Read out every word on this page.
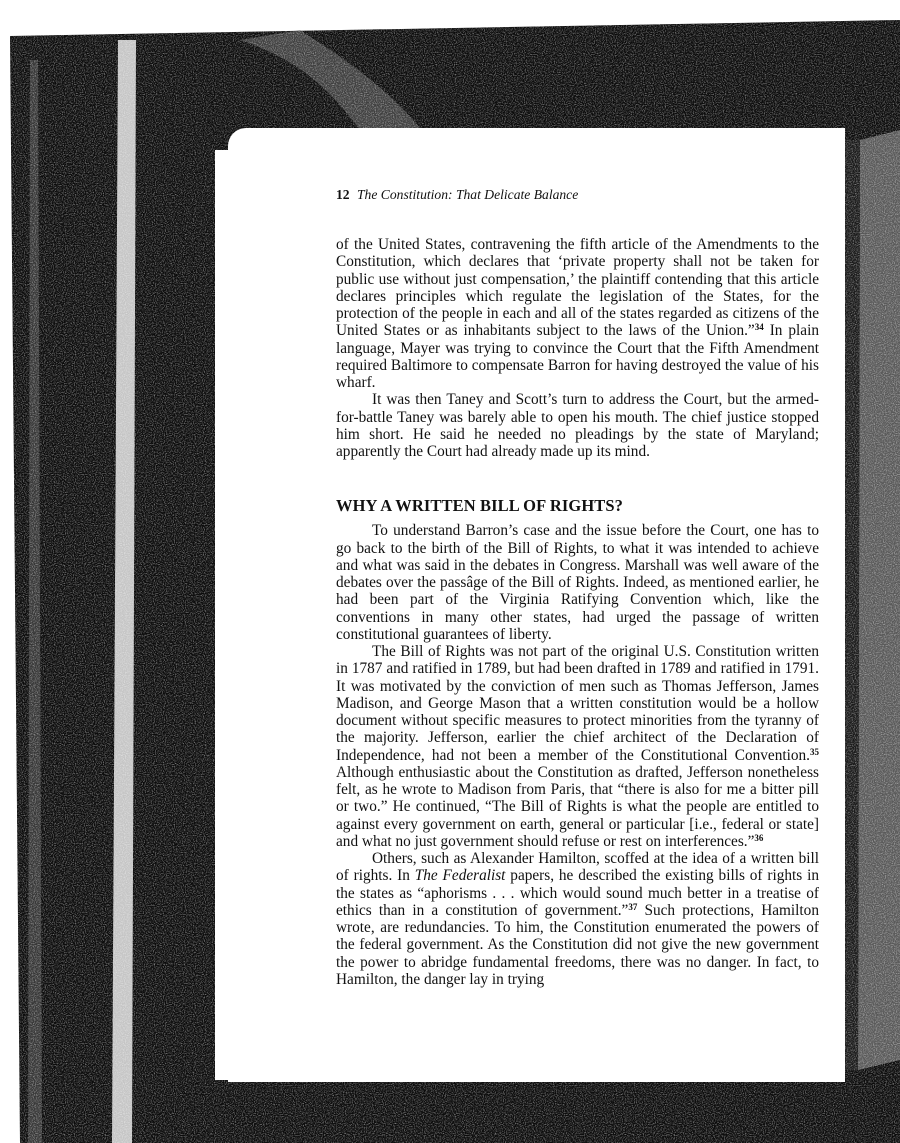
12 The Constitution: That Delicate Balance

of the United States, contravening the fifth article of the Amendments to the Constitution, which declares that ‘private property shall not be taken for public use without just compensation,’ the plaintiff contending that this article declares principles which regulate the legislation of the States, for the protection of the people in each and all of the states regarded as citizens of the United States or as inhabitants subject to the laws of the Union.”$^{34}$ In plain language, Mayer was trying to convince the Court that the Fifth Amendment required Baltimore to compensate Barron for having destroyed the value of his wharf.

It was then Taney and Scott’s turn to address the Court, but the armed-for-battle Taney was barely able to open his mouth. The chief justice stopped him short. He said he needed no pleadings by the state of Maryland; apparently the Court had already made up its mind.

WHY A WRITTEN BILL OF RIGHTS?

To understand Barron’s case and the issue before the Court, one has to go back to the birth of the Bill of Rights, to what it was intended to achieve and what was said in the debates in Congress. Marshall was well aware of the debates over the passâge of the Bill of Rights. Indeed, as mentioned earlier, he had been part of the Virginia Ratifying Convention which, like the conventions in many other states, had urged the passage of written constitutional guarantees of liberty.

The Bill of Rights was not part of the original U.S. Constitution written in 1787 and ratified in 1789, but had been drafted in 1789 and ratified in 1791. It was motivated by the conviction of men such as Thomas Jefferson, James Madison, and George Mason that a written constitution would be a hollow document without specific measures to protect minorities from the tyranny of the majority. Jefferson, earlier the chief architect of the Declaration of Independence, had not been a member of the Constitutional Convention.$^{35}$ Although enthusiastic about the Constitution as drafted, Jefferson nonetheless felt, as he wrote to Madison from Paris, that “there is also for me a bitter pill or two.” He continued, “The Bill of Rights is what the people are entitled to against every government on earth, general or particular [i.e., federal or state] and what no just government should refuse or rest on interferences.”$^{36}$

Others, such as Alexander Hamilton, scoffed at the idea of a written bill of rights. In The Federalist papers, he described the existing bills of rights in the states as “aphorisms . . . which would sound much better in a treatise of ethics than in a constitution of government.”$^{37}$ Such protections, Hamilton wrote, are redundancies. To him, the Constitution enumerated the powers of the federal government. As the Constitution did not give the new government the power to abridge fundamental freedoms, there was no danger. In fact, to Hamilton, the danger lay in trying
